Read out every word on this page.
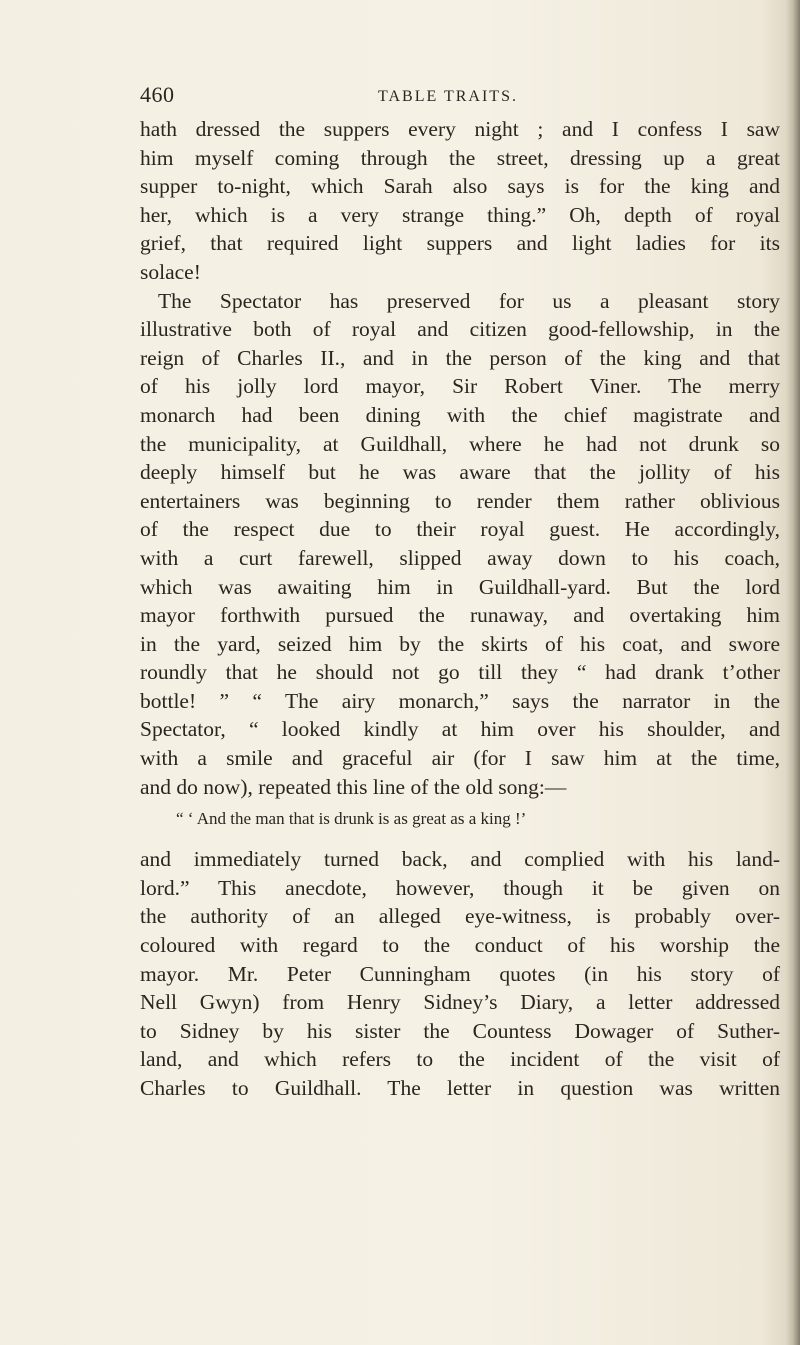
460	TABLE TRAITS.
hath dressed the suppers every night ; and I confess I saw
him myself coming through the street, dressing up a great
supper to-night, which Sarah also says is for the king and
her, which is a very strange thing.” Oh, depth of royal
grief, that required light suppers and light ladies for its
solace!
The Spectator has preserved for us a pleasant story
illustrative both of royal and citizen good-fellowship, in the
reign of Charles II., and in the person of the king and that
of his jolly lord mayor, Sir Robert Viner. The merry
monarch had been dining with the chief magistrate and
the municipality, at Guildhall, where he had not drunk so
deeply himself but he was aware that the jollity of his
entertainers was beginning to render them rather oblivious
of the respect due to their royal guest. He accordingly,
with a curt farewell, slipped away down to his coach,
which was awaiting him in Guildhall-yard. But the lord
mayor forthwith pursued the runaway, and overtaking him
in the yard, seized him by the skirts of his coat, and swore
roundly that he should not go till they “ had drank t’other
bottle! ” “ The airy monarch,” says the narrator in the
Spectator, “ looked kindly at him over his shoulder, and
with a smile and graceful air (for I saw him at the time,
and do now), repeated this line of the old song:—
“ ‘ And the man that is drunk is as great as a king !’
and immediately turned back, and complied with his land-
lord.” This anecdote, however, though it be given on
the authority of an alleged eye-witness, is probably over-
coloured with regard to the conduct of his worship the
mayor. Mr. Peter Cunningham quotes (in his story of
Nell Gwyn) from Henry Sidney’s Diary, a letter addressed
to Sidney by his sister the Countess Dowager of Suther-
land, and which refers to the incident of the visit of
Charles to Guildhall. The letter in question was written
